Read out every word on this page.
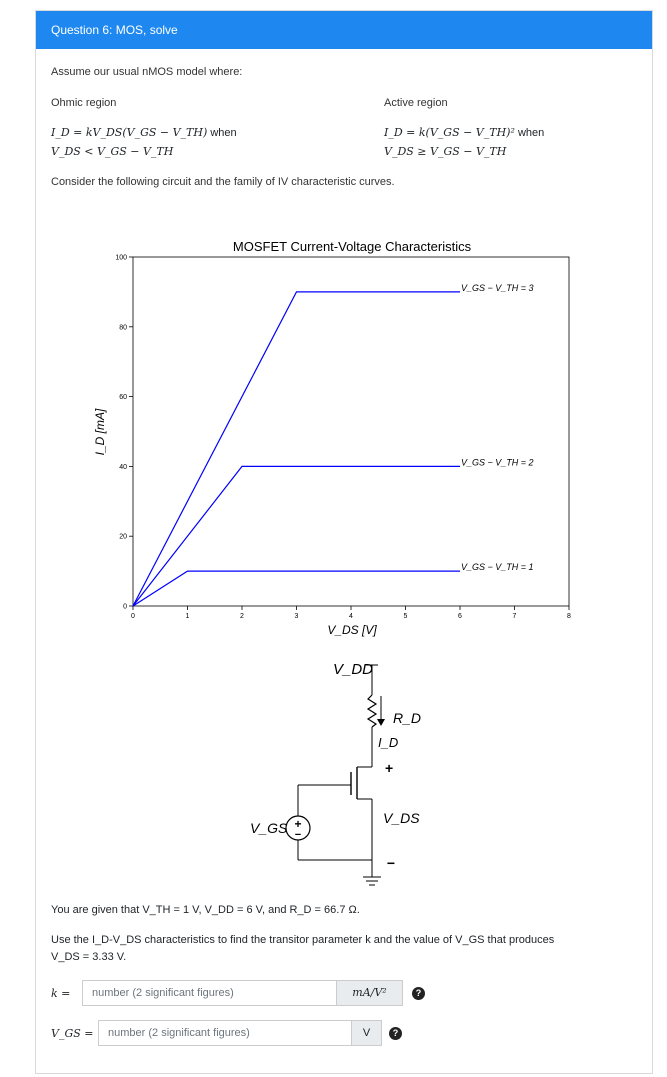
Question 6: MOS, solve
Assume our usual nMOS model where:
Ohmic region
I_D = kV_DS(V_GS − V_TH) when
V_DS < V_GS − V_TH
Active region
I_D = k(V_GS − V_TH)² when
V_DS ≥ V_GS − V_TH
Consider the following circuit and the family of IV characteristic curves.
MOSFET Current-Voltage Characteristics
0
20
40
60
80
100
0	1	2	3	4	5	6	7	8
V_GS − V_TH = 3
V_GS − V_TH = 2
V_GS − V_TH = 1
I_D [mA]
V_DS [V]
V_DD
R_D
I_D
+
+
−
V_GS
V_DS
−
You are given that V_TH = 1 V, V_DD = 6 V, and R_D = 66.7 Ω.
Use the I_D-V_DS characteristics to find the transitor parameter k and the value of V_GS that produces
V_DS = 3.33 V.
k =	number (2 significant figures)	mA/V²	?
V_GS =	number (2 significant figures)	V	?
